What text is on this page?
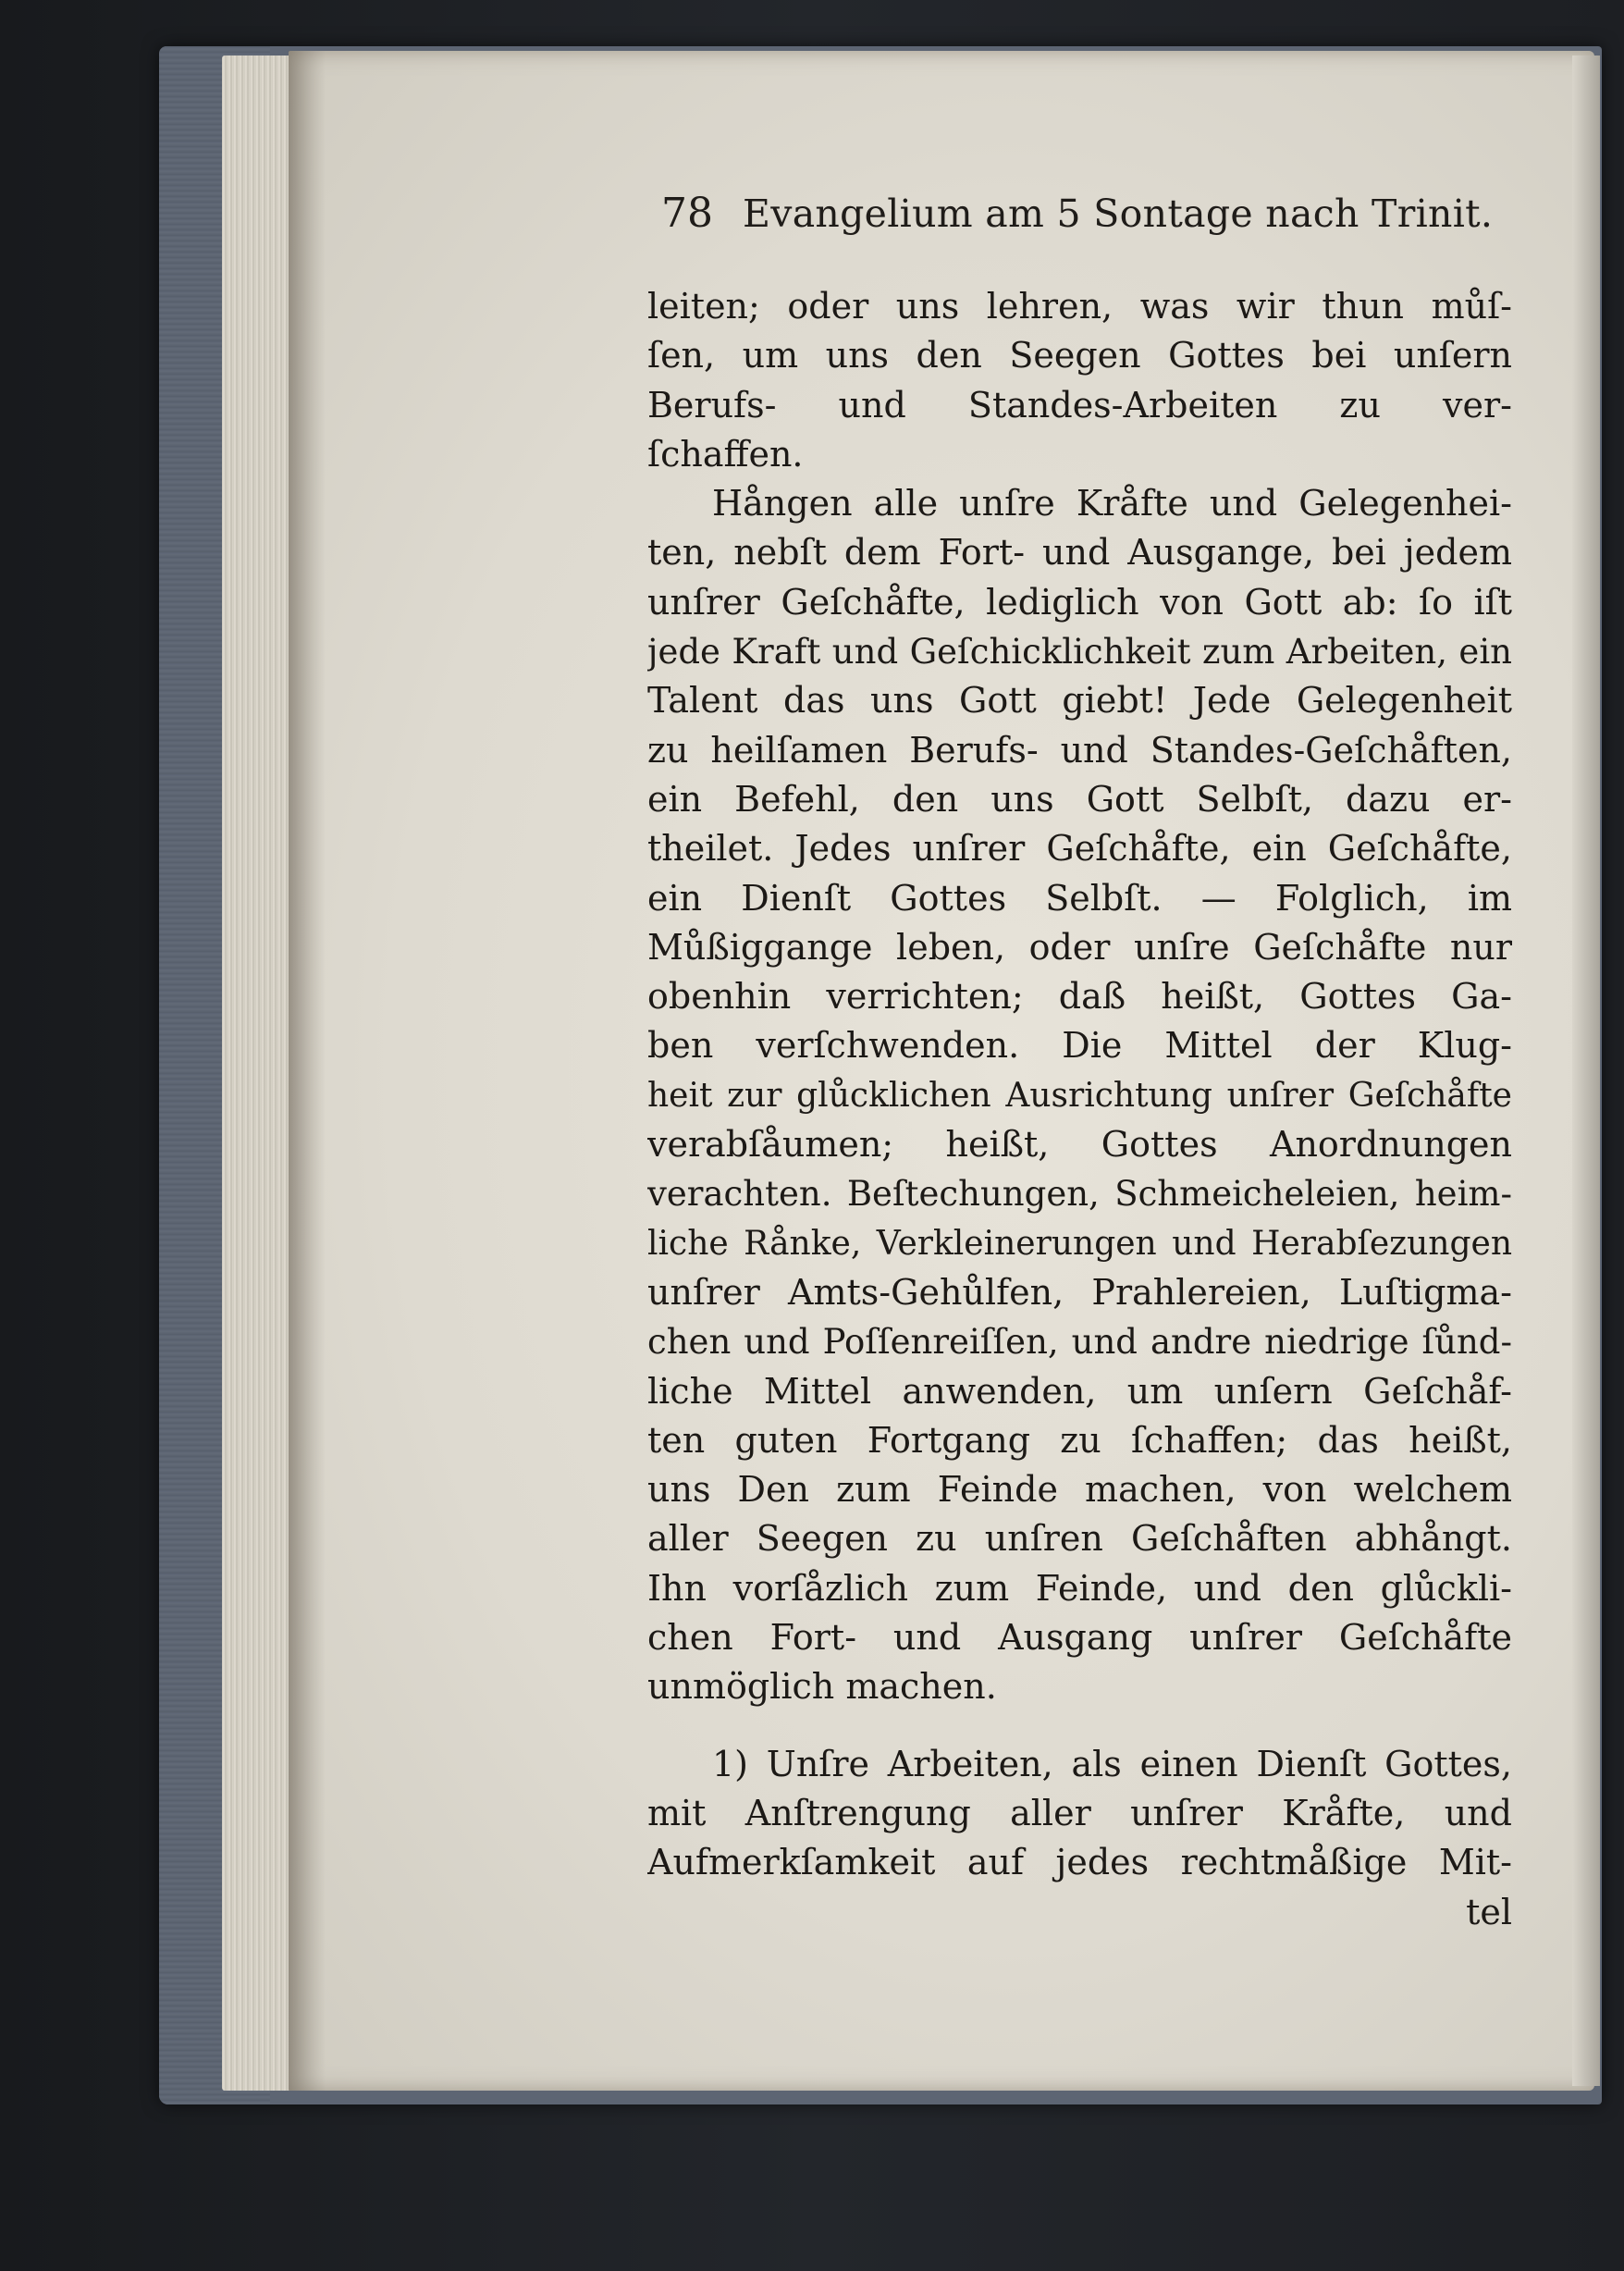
78 Evangelium am 5 Sontage nach Trinit.
leiten; oder uns lehren, was wir thun můſ-
ſen, um uns den Seegen Gottes bei unſern
Berufs- und Standes-Arbeiten zu ver-
ſchaffen.
Hången alle unſre Kråfte und Gelegenhei-
ten, nebſt dem Fort- und Ausgange, bei jedem
unſrer Geſchåfte, lediglich von Gott ab: ſo iſt
jede Kraft und Geſchicklichkeit zum Arbeiten, ein
Talent das uns Gott giebt! Jede Gelegenheit
zu heilſamen Berufs- und Standes-Geſchåften,
ein Befehl, den uns Gott Selbſt, dazu er-
theilet. Jedes unſrer Geſchåfte, ein Geſchåfte,
ein Dienſt Gottes Selbſt. — Folglich, im
Můßiggange leben, oder unſre Geſchåfte nur
obenhin verrichten; daß heißt, Gottes Ga-
ben verſchwenden. Die Mittel der Klug-
heit zur glůcklichen Ausrichtung unſrer Geſchåfte
verabſåumen; heißt, Gottes Anordnungen
verachten. Beſtechungen, Schmeicheleien, heim-
liche Rånke, Verkleinerungen und Herabſezungen
unſrer Amts-Gehůlfen, Prahlereien, Luſtigma-
chen und Poſſenreiſſen, und andre niedrige ſůnd-
liche Mittel anwenden, um unſern Geſchåf-
ten guten Fortgang zu ſchaffen; das heißt,
uns Den zum Feinde machen, von welchem
aller Seegen zu unſren Geſchåften abhångt.
Ihn vorſåzlich zum Feinde, und den glůckli-
chen Fort- und Ausgang unſrer Geſchåfte
unmöglich machen.
1) Unſre Arbeiten, als einen Dienſt Gottes,
mit Anſtrengung aller unſrer Kråfte, und
Aufmerkſamkeit auf jedes rechtmåßige Mit-
tel
